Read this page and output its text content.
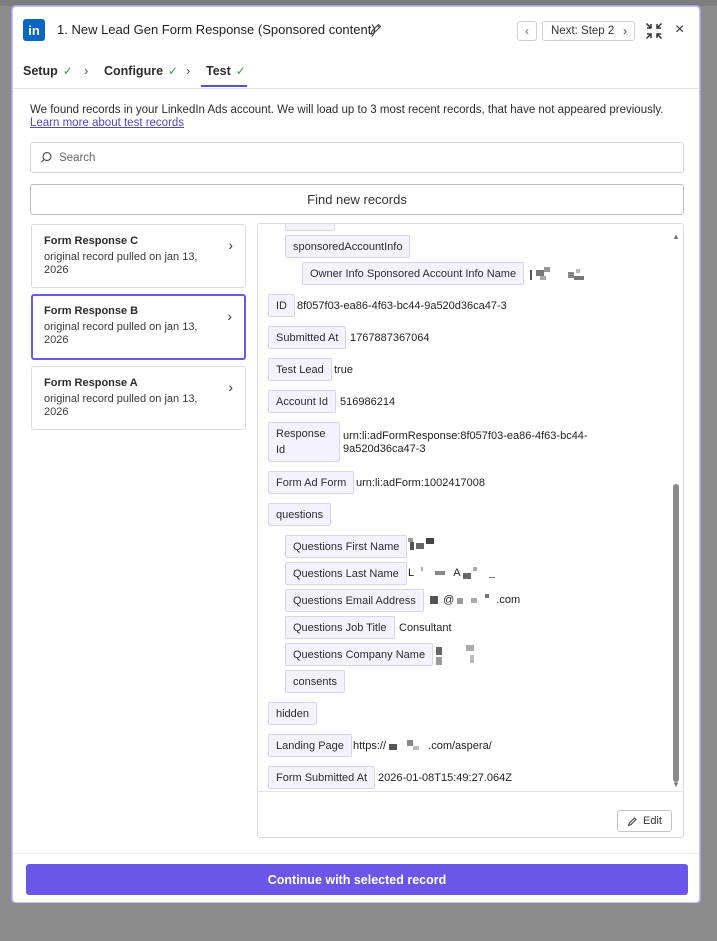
in	1. New Lead Gen Form Response (Sponsored content)	‹ Next: Step 2 ›	×
Setup ✓ › Configure ✓ › Test ✓
We found records in your LinkedIn Ads account. We will load up to 3 most recent records, that have not appeared previously.
Learn more about test records
Search
Find new records
Form Response C
original record pulled on jan 13, 2026
›
Form Response B
original record pulled on jan 13, 2026
›
Form Response A
original record pulled on jan 13, 2026
›
sponsoredAccountInfo
Owner Info Sponsored Account Info Name
ID 8f057f03-ea86-4f63-bc44-9a520d36ca47-3
Submitted At	1767887367064
Test Lead true
Account Id	516986214
Response Id
urn:li:adFormResponse:8f057f03-ea86-4f63-bc44-9a520d36ca47-3
Form Ad Form urn:li:adForm:1002417008
questions
Questions First Name
Questions Last Name L	A
Questions Email Address	@	.com
Questions Job Title	Consultant
Questions Company Name
consents
hidden
Landing Page https://	.com/aspera/
Form Submitted At 2026-01-08T15:49:27.064Z
▲
▼
Edit
Continue with selected record
